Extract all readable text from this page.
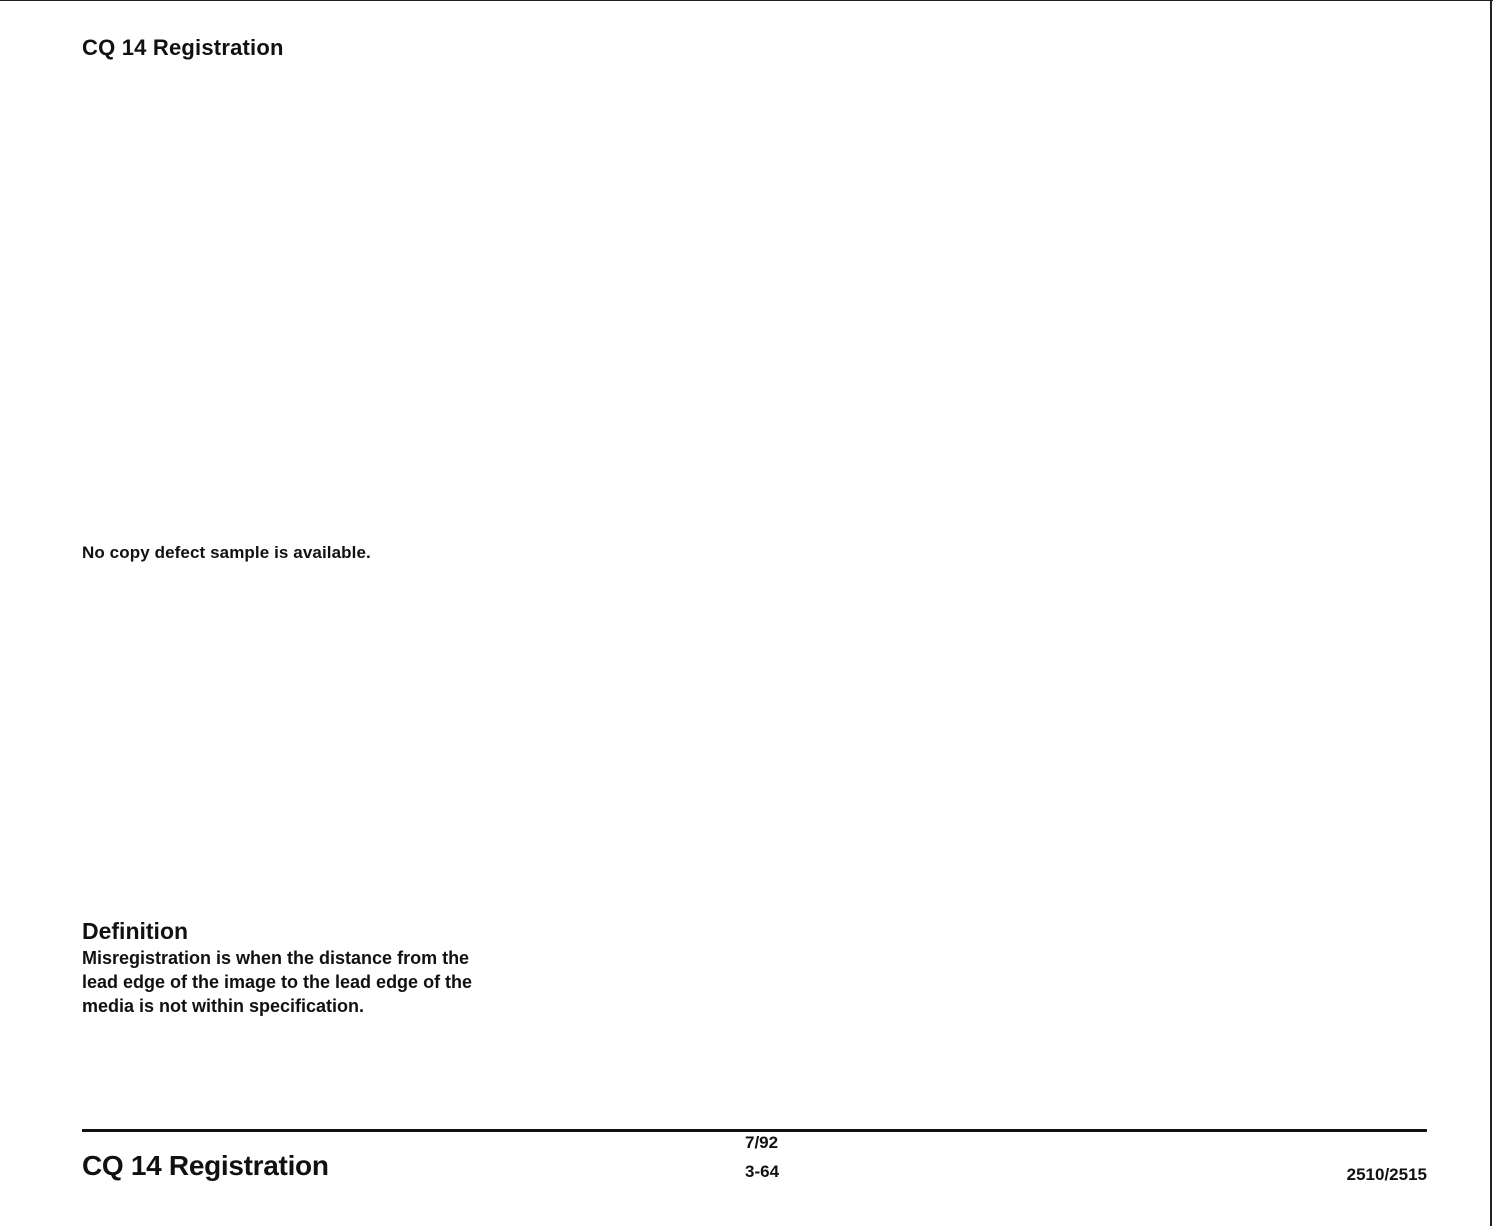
CQ 14 Registration
No copy defect sample is available.
Definition
Misregistration is when the distance from the
lead edge of the image to the lead edge of the
media is not within specification.
CQ 14 Registration
7/92
3-64	2510/2515
